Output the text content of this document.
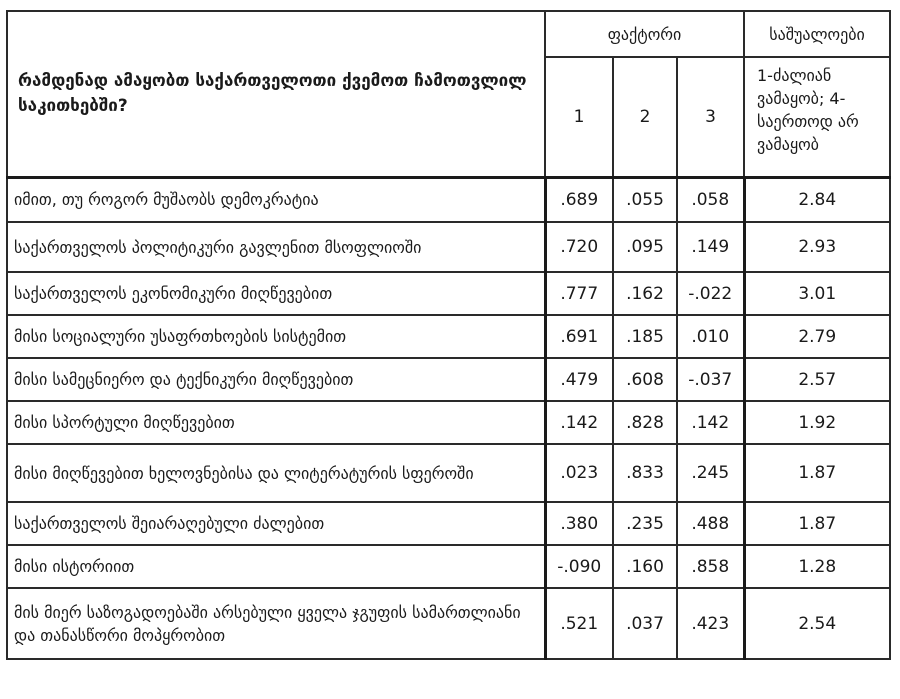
რამდენად ამაყობთ საქართველოთი ქვემოთ ჩამოთვლილ საკითხებში?	ფაქტორი			საშუალოები
	1	2	3	1-ძალიან ვამაყობ; 4- საერთოდ არ ვამაყობ
იმით, თუ როგორ მუშაობს დემოკრატია	.689	.055	.058	2.84
საქართველოს პოლიტიკური გავლენით მსოფლიოში	.720	.095	.149	2.93
საქართველოს ეკონომიკური მიღწევებით	.777	.162	-.022	3.01
მისი სოციალური უსაფრთხოების სისტემით	.691	.185	.010	2.79
მისი სამეცნიერო და ტექნიკური მიღწევებით	.479	.608	-.037	2.57
მისი სპორტული მიღწევებით	.142	.828	.142	1.92
მისი მიღწევებით ხელოვნებისა და ლიტერატურის სფეროში	.023	.833	.245	1.87
საქართველოს შეიარაღებული ძალებით	.380	.235	.488	1.87
მისი ისტორიით	-.090	.160	.858	1.28
მის მიერ საზოგადოებაში არსებული ყველა ჯგუფის სამართლიანი და თანასწორი მოპყრობით	.521	.037	.423	2.54
